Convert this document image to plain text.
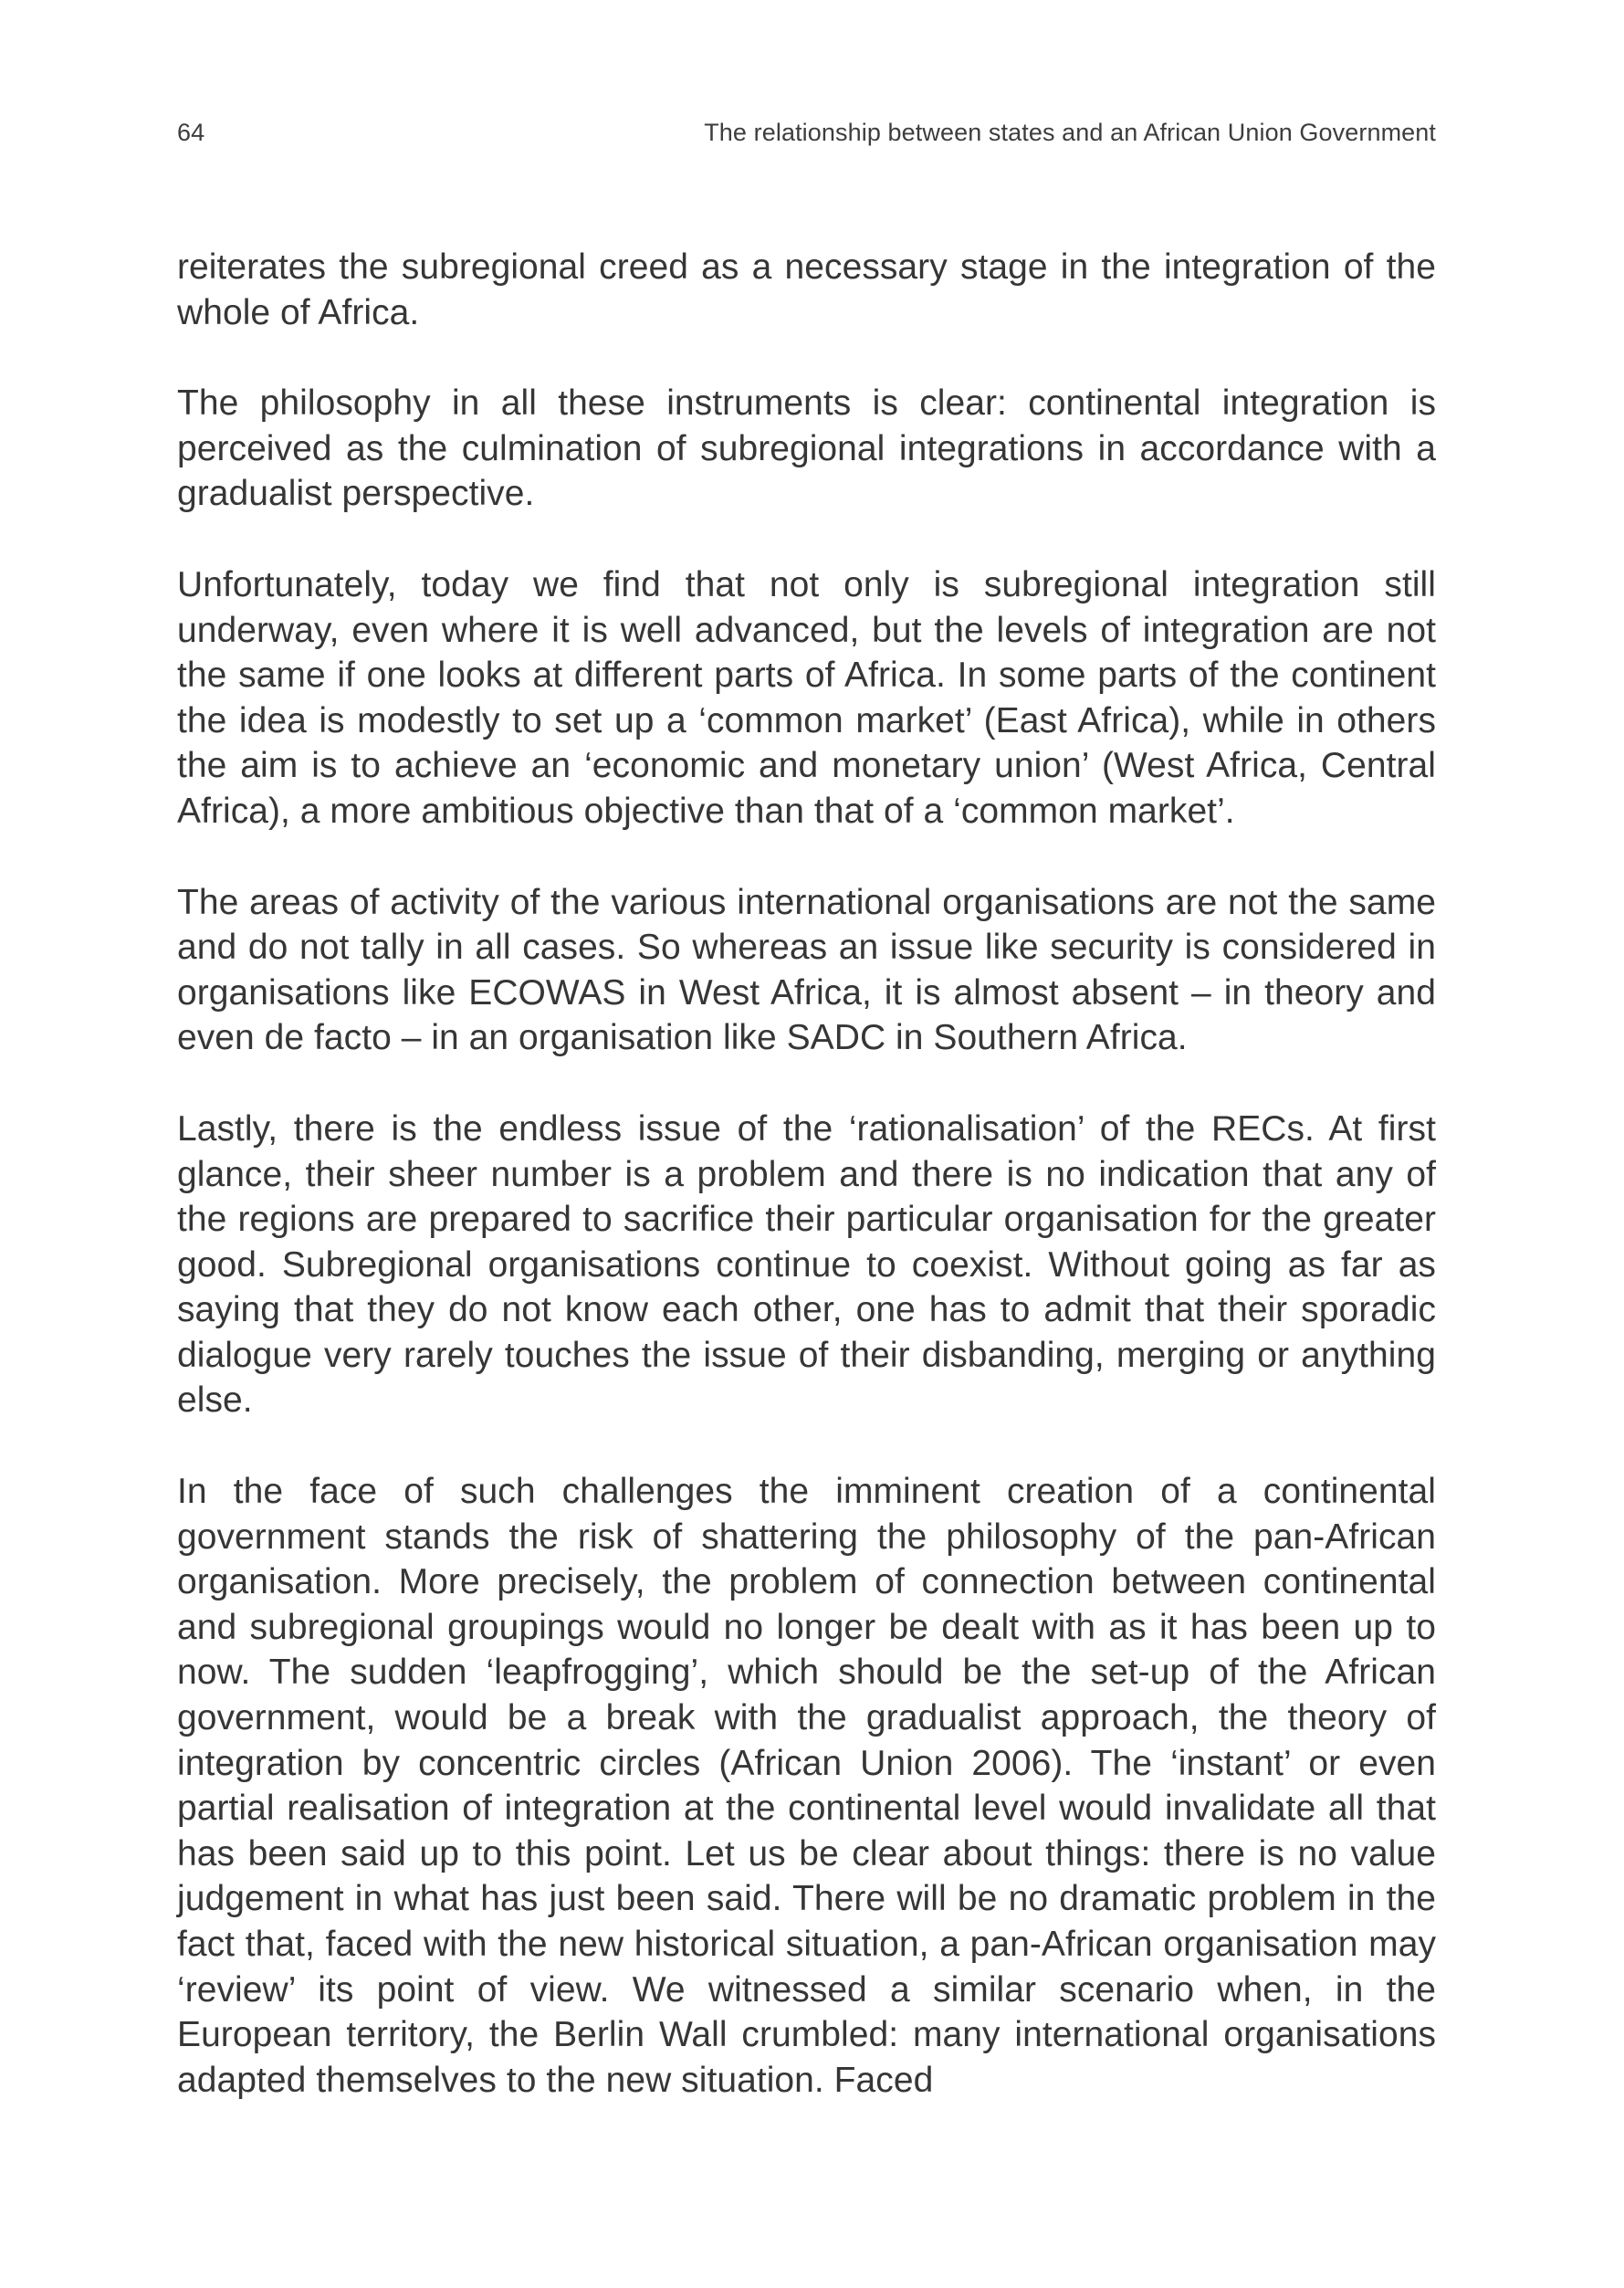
64	The relationship between states and an African Union Government

reiterates the subregional creed as a necessary stage in the integration of the whole of Africa.

The philosophy in all these instruments is clear: continental integration is perceived as the culmination of subregional integrations in accordance with a gradualist perspective.

Unfortunately, today we find that not only is subregional integration still underway, even where it is well advanced, but the levels of integration are not the same if one looks at different parts of Africa. In some parts of the continent the idea is modestly to set up a ‘common market’ (East Africa), while in others the aim is to achieve an ‘economic and monetary union’ (West Africa, Central Africa), a more ambitious objective than that of a ‘common market’.

The areas of activity of the various international organisations are not the same and do not tally in all cases. So whereas an issue like security is considered in organisations like ECOWAS in West Africa, it is almost absent – in theory and even de facto – in an organisation like SADC in Southern Africa.

Lastly, there is the endless issue of the ‘rationalisation’ of the RECs. At first glance, their sheer number is a problem and there is no indication that any of the regions are prepared to sacrifice their particular organisation for the greater good. Subregional organisations continue to coexist. Without going as far as saying that they do not know each other, one has to admit that their sporadic dialogue very rarely touches the issue of their disbanding, merging or anything else.

In the face of such challenges the imminent creation of a continental government stands the risk of shattering the philosophy of the pan-African organisation. More precisely, the problem of connection between continental and subregional groupings would no longer be dealt with as it has been up to now. The sudden ‘leapfrogging’, which should be the set-up of the African government, would be a break with the gradualist approach, the theory of integration by concentric circles (African Union 2006). The ‘instant’ or even partial realisation of integration at the continental level would invalidate all that has been said up to this point. Let us be clear about things: there is no value judgement in what has just been said. There will be no dramatic problem in the fact that, faced with the new historical situation, a pan-African organisation may ‘review’ its point of view. We witnessed a similar scenario when, in the European territory, the Berlin Wall crumbled: many international organisations adapted themselves to the new situation. Faced
